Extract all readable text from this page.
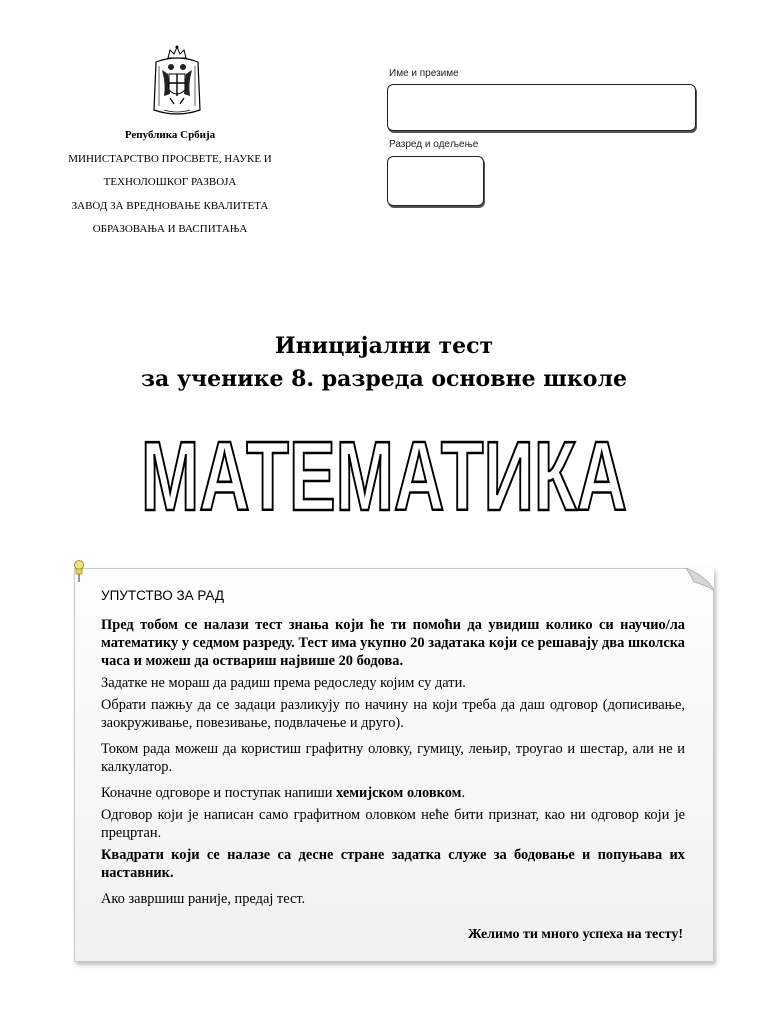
Република Србија
МИНИСТАРСТВО ПРОСВЕТЕ, НАУКЕ И
ТЕХНОЛОШКОГ РАЗВОЈА
ЗАВОД ЗА ВРЕДНОВАЊЕ КВАЛИТЕТА
ОБРАЗОВАЊА И ВАСПИТАЊА
Име и презиме
Разред и одељење
Иницијални тест
за ученике 8. разреда основне школе
МАТЕМАТИКА
УПУТСТВО ЗА РАД

Пред тобом се налази тест знања који ће ти помоћи да увидиш колико си научио/ла математику у седмом разреду. Тест има укупно 20 задатака који се решавају два школска часа и можеш да оствариш највише 20 бодова.

Задатке не мораш да радиш према редоследу којим су дати.

Обрати пажњу да се задаци разликују по начину на који треба да даш одговор (дописивање, заокруживање, повезивање, подвлачење и друго).

Током рада можеш да користиш графитну оловку, гумицу, лењир, троугао и шестар, али не и калкулатор.

Коначне одговоре и поступак напиши хемијском оловком.

Одговор који је написан само графитном оловком неће бити признат, као ни одговор који је прецртан.

Квадрати који се налазе са десне стране задатка служе за бодовање и попуњава их наставник.

Ако завршиш раније, предај тест.

Желимо ти много успеха на тесту!
